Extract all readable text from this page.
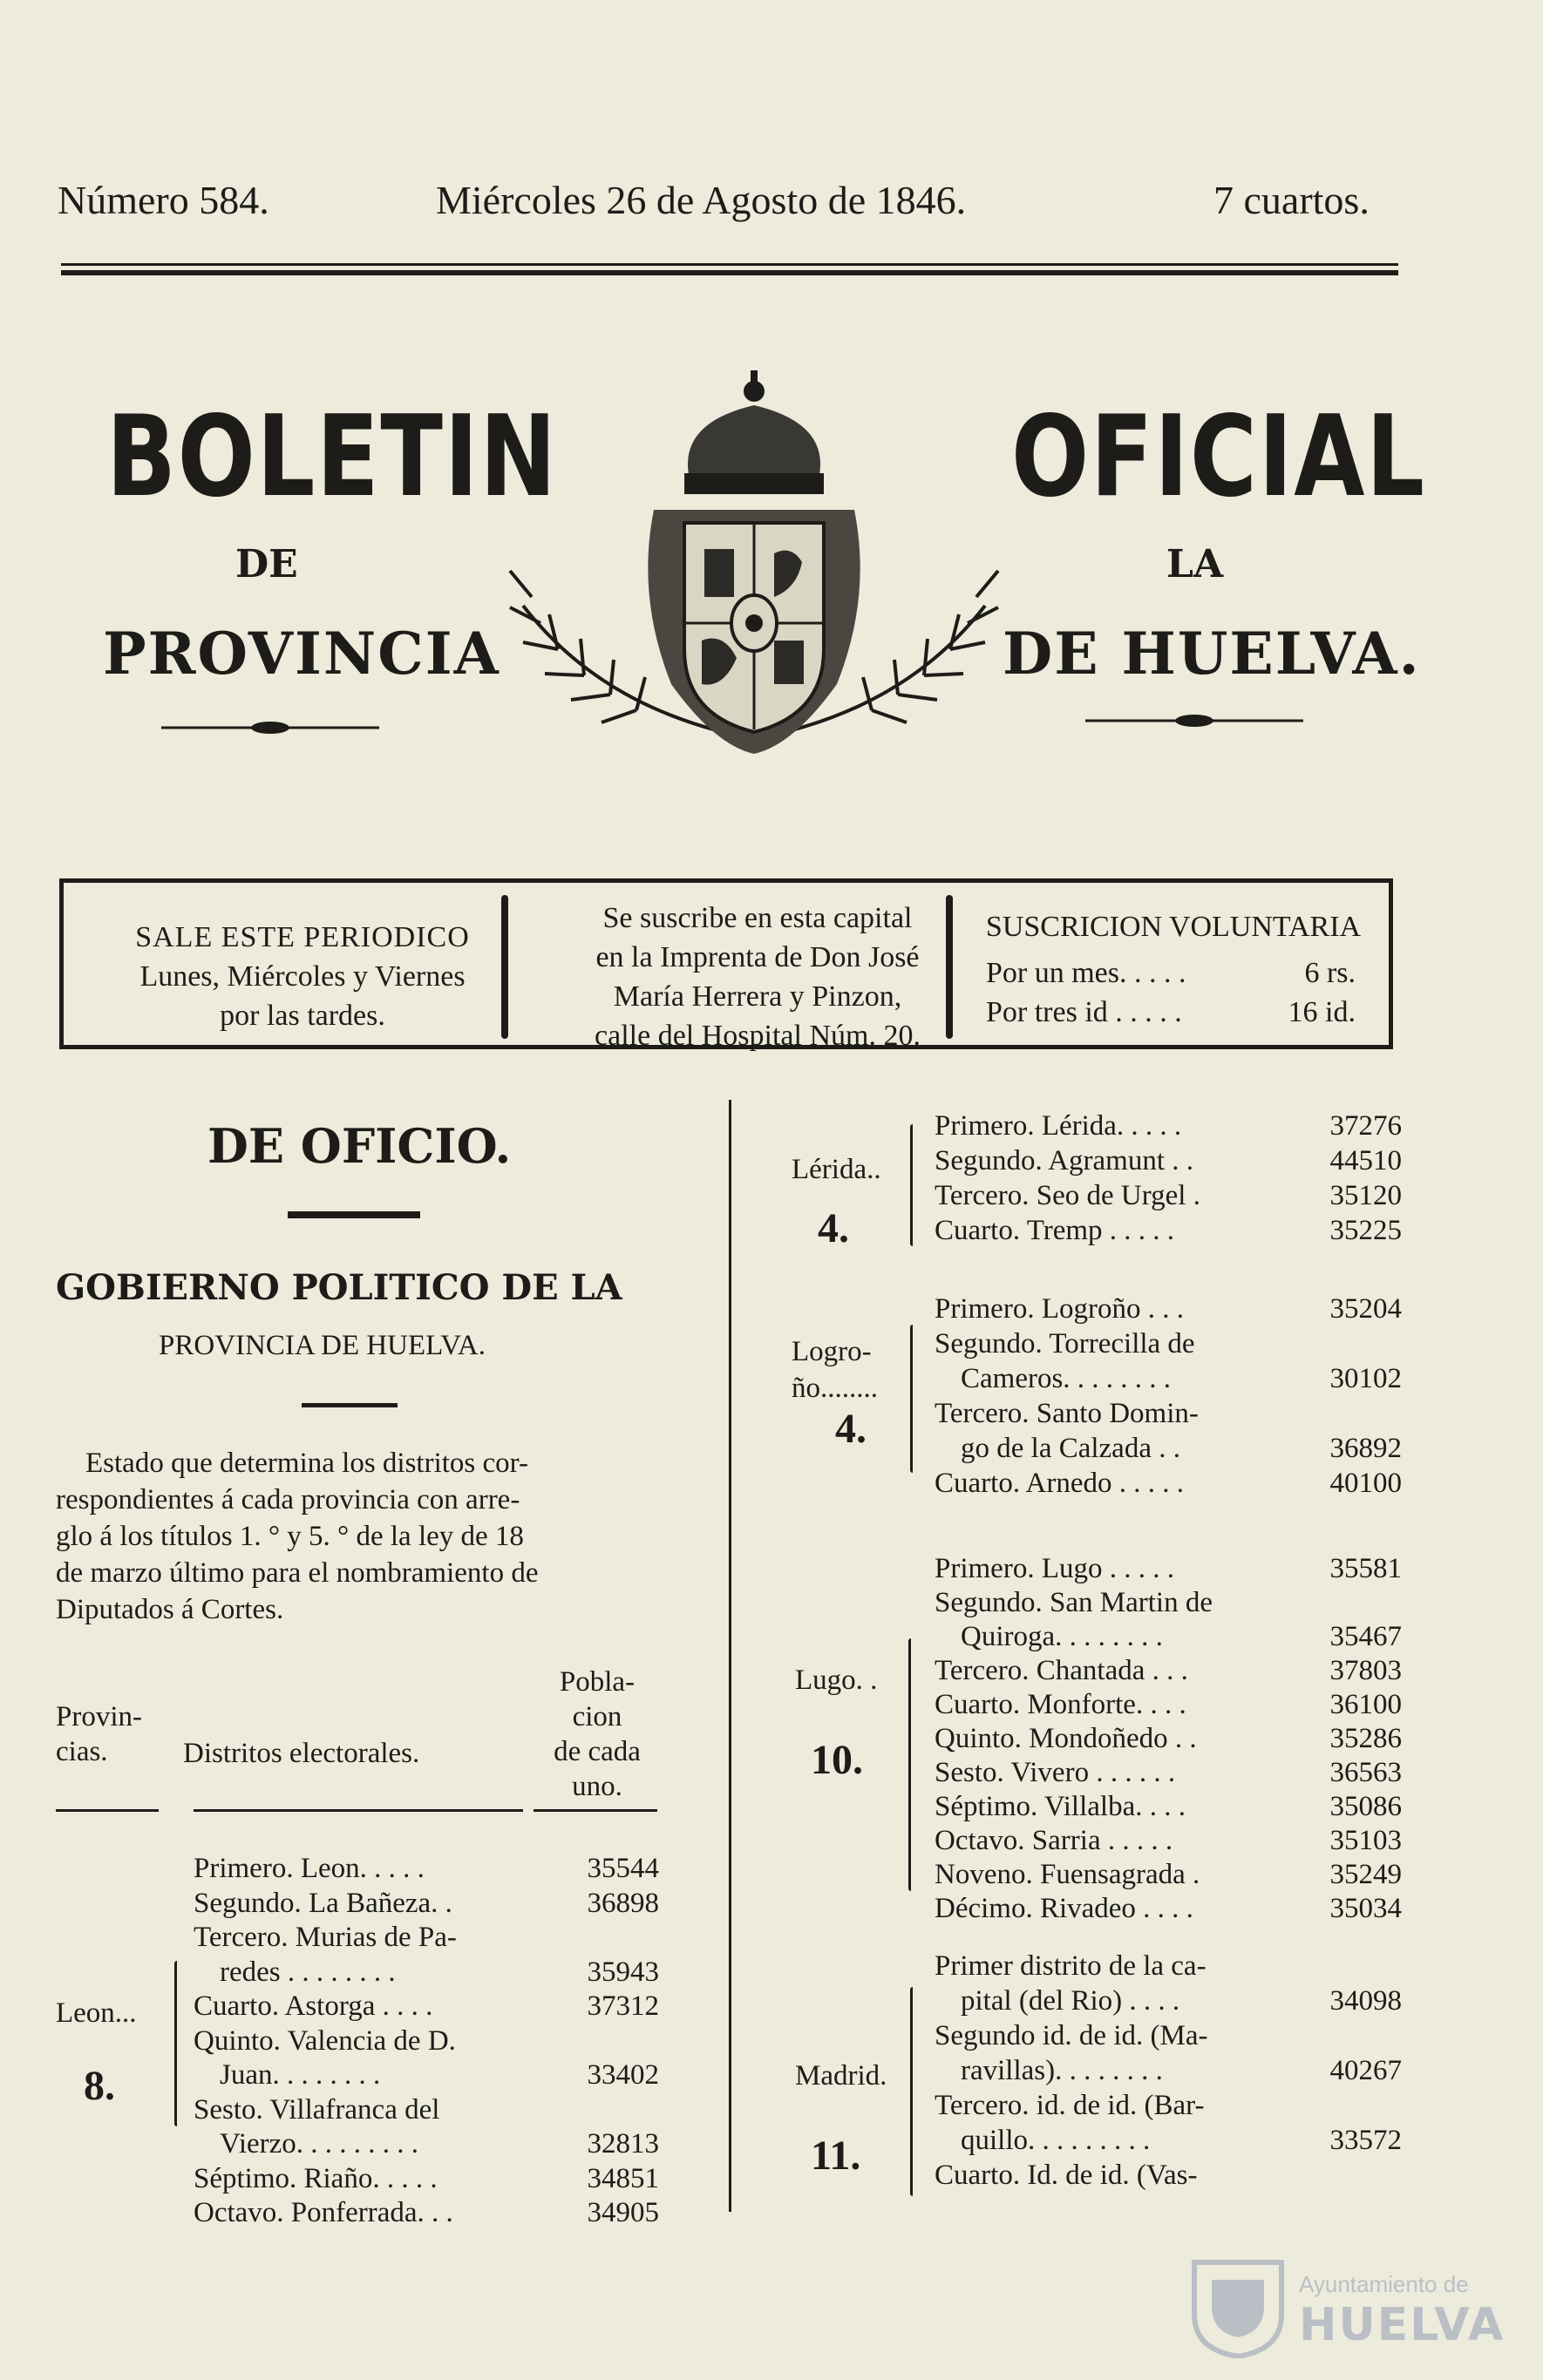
Número 584.	Miércoles 26 de Agosto de 1846.	7 cuartos.
BOLETIN	OFICIAL
DE	LA
PROVINCIA	DE HUELVA.
SALE ESTE PERIODICO
Lunes, Miércoles y Viernes
por las tardes.
Se suscribe en esta capital
en la Imprenta de Don José
María Herrera y Pinzon,
calle del Hospital Núm. 20.
SUSCRICION VOLUNTARIA
Por un mes. . . . .	6 rs.
Por tres id . . . . .	16 id.
DE OFICIO.
GOBIERNO POLITICO DE LA
PROVINCIA DE HUELVA.
Estado que determina los distritos cor-
respondientes á cada provincia con arre-
glo á los títulos 1. ° y 5. ° de la ley de 18
de marzo último para el nombramiento de
Diputados á Cortes.
Provin-
cias.	Distritos electorales.
Pobla-
cion
de cada
uno.
Leon...
8.
Primero. Leon. . . . .	35544
Segundo. La Bañeza. .	36898
Tercero. Murias de Pa-
redes . . . . . . . .	35943
Cuarto. Astorga . . . .	37312
Quinto. Valencia de D.
Juan. . . . . . . .	33402
Sesto. Villafranca del
Vierzo. . . . . . . . .	32813
Séptimo. Riaño. . . . .	34851
Octavo. Ponferrada. . .	34905
Lérida..
4.
Primero. Lérida. . . . .	37276
Segundo. Agramunt . .	44510
Tercero. Seo de Urgel .	35120
Cuarto. Tremp . . . . .	35225
Logro-
ño........
4.
Primero. Logroño . . .	35204
Segundo. Torrecilla de
Cameros. . . . . . . .	30102
Tercero. Santo Domin-
go de la Calzada . .	36892
Cuarto. Arnedo . . . . .	40100
Lugo. .
10.
Primero. Lugo . . . . .	35581
Segundo. San Martin de
Quiroga. . . . . . . .	35467
Tercero. Chantada . . .	37803
Cuarto. Monforte. . . .	36100
Quinto. Mondoñedo . .	35286
Sesto. Vivero . . . . . .	36563
Séptimo. Villalba. . . .	35086
Octavo. Sarria . . . . .	35103
Noveno. Fuensagrada .	35249
Décimo. Rivadeo . . . .	35034
Madrid.
11.
Primer distrito de la ca-
pital (del Rio) . . . .	34098
Segundo id. de id. (Ma-
ravillas). . . . . . . .	40267
Tercero. id. de id. (Bar-
quillo. . . . . . . . .	33572
Cuarto. Id. de id. (Vas-
Ayuntamiento de
HUELVA
